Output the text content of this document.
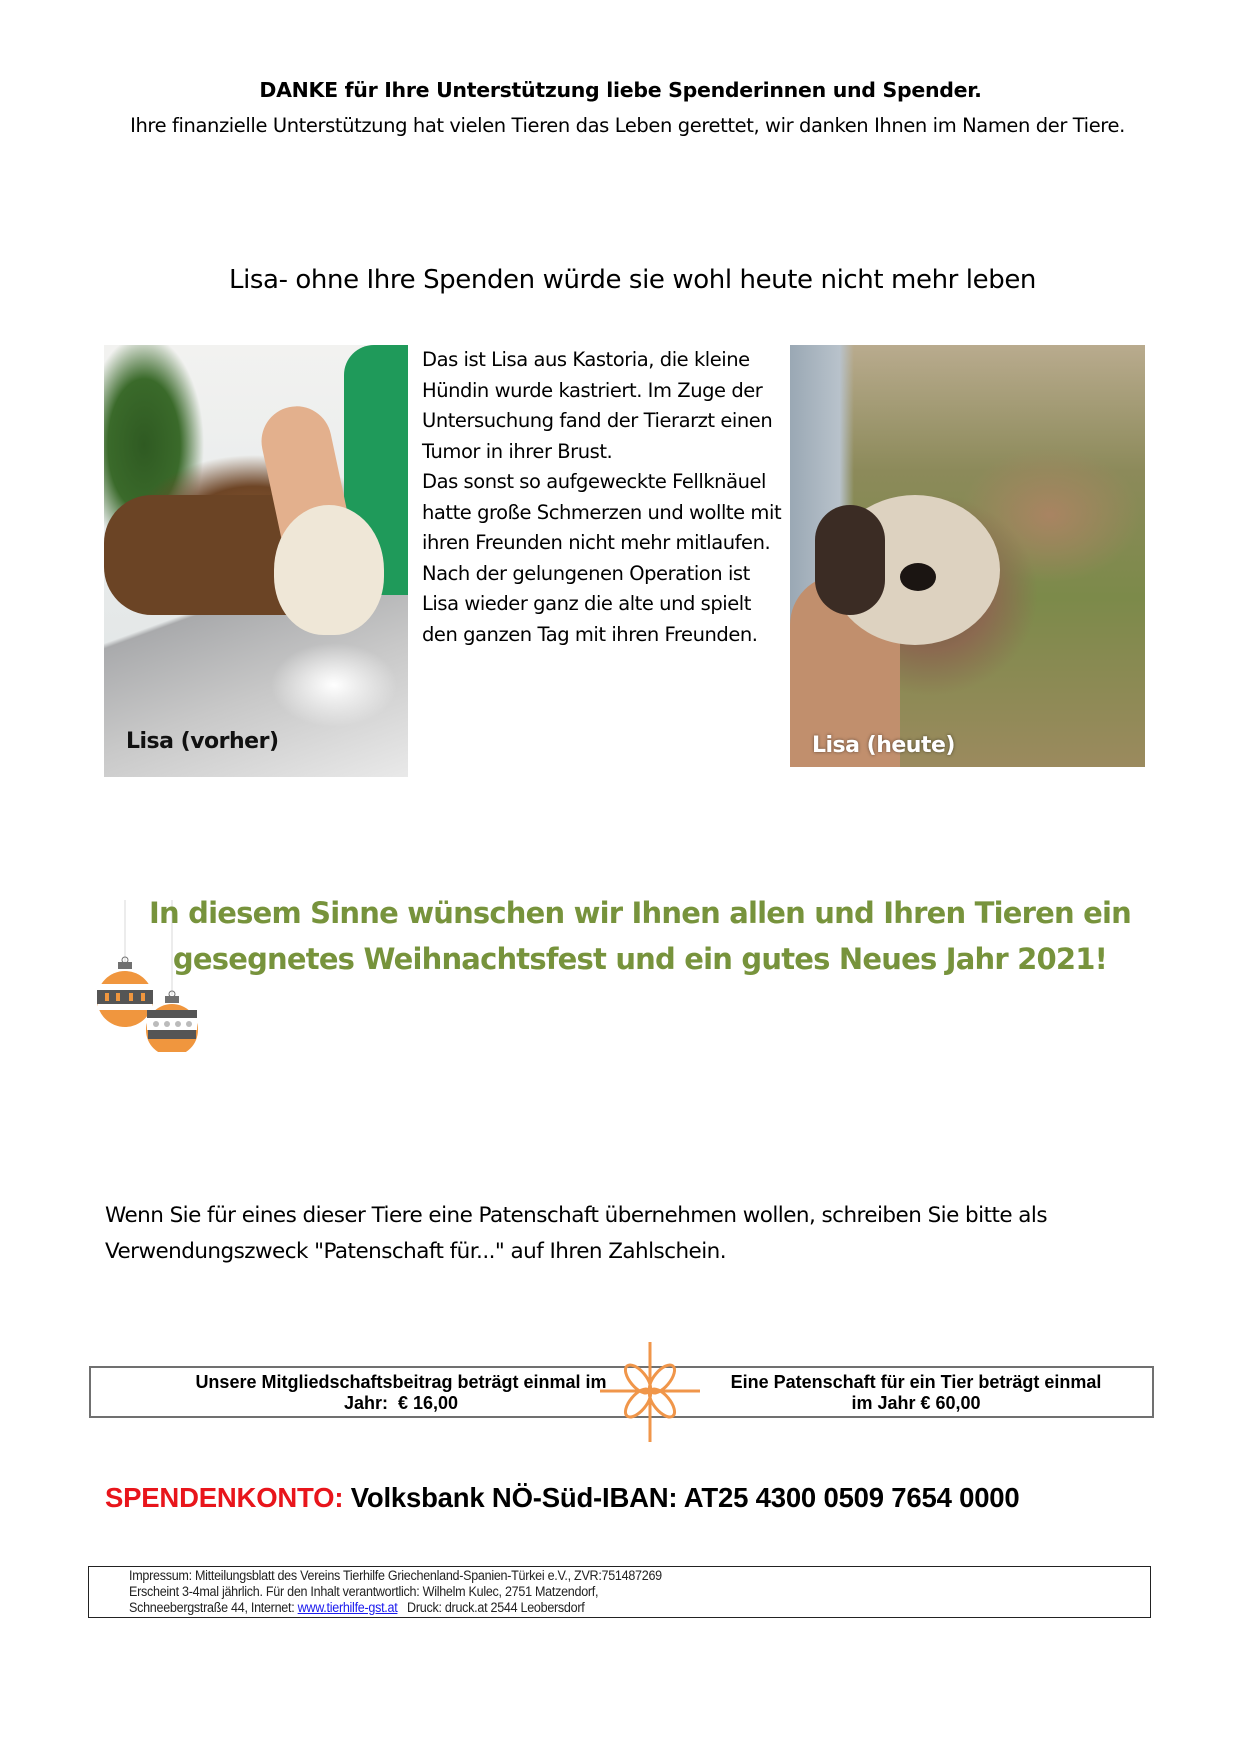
DANKE für Ihre Unterstützung liebe Spenderinnen und Spender.
Ihre finanzielle Unterstützung hat vielen Tieren das Leben gerettet, wir danken Ihnen im Namen der Tiere.
Lisa- ohne Ihre Spenden würde sie wohl heute nicht mehr leben
Lisa (vorher)
Das ist Lisa aus Kastoria, die kleine Hündin wurde kastriert. Im Zuge der Untersuchung fand der Tierarzt einen Tumor in ihrer Brust.
Das sonst so aufgeweckte Fellknäuel hatte große Schmerzen und wollte mit ihren Freunden nicht mehr mitlaufen.
Nach der gelungenen Operation ist Lisa wieder ganz die alte und spielt den ganzen Tag mit ihren Freunden.
Lisa (heute)
In diesem Sinne wünschen wir Ihnen allen und Ihren Tieren ein
gesegnetes Weihnachtsfest und ein gutes Neues Jahr 2021!
Wenn Sie für eines dieser Tiere eine Patenschaft übernehmen wollen, schreiben Sie bitte als Verwendungszweck "Patenschaft für..." auf Ihren Zahlschein.
Unsere Mitgliedschaftsbeitrag beträgt einmal im
Jahr:  € 16,00
Eine Patenschaft für ein Tier beträgt einmal
im Jahr € 60,00
SPENDENKONTO: Volksbank NÖ-Süd-IBAN: AT25 4300 0509 7654 0000
Impressum: Mitteilungsblatt des Vereins Tierhilfe Griechenland-Spanien-Türkei e.V., ZVR:751487269
Erscheint 3-4mal jährlich. Für den Inhalt verantwortlich: Wilhelm Kulec, 2751 Matzendorf,
Schneebergstraße 44, Internet: www.tierhilfe-gst.at   Druck: druck.at 2544 Leobersdorf
